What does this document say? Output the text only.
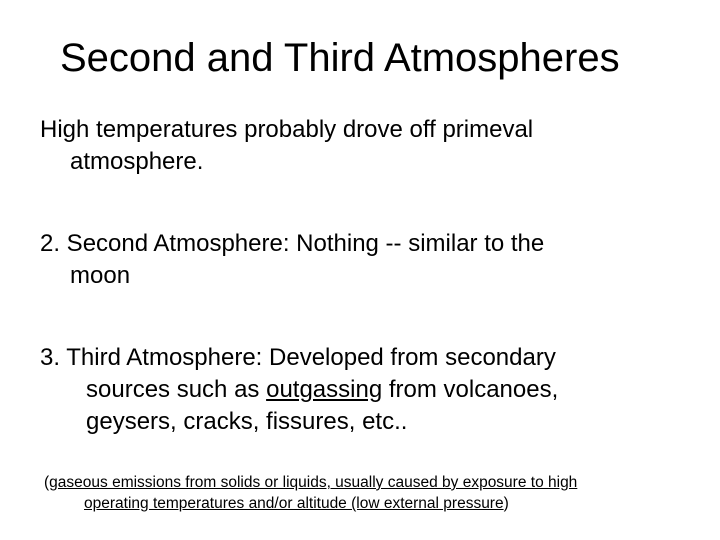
Second and Third Atmospheres
High temperatures probably drove off primeval
atmosphere.
2. Second Atmosphere: Nothing -- similar to the
moon
3. Third Atmosphere: Developed from secondary
sources such as outgassing from volcanoes,
geysers, cracks, fissures, etc..
(gaseous emissions from solids or liquids, usually caused by exposure to high
operating temperatures and/or altitude (low external pressure)
